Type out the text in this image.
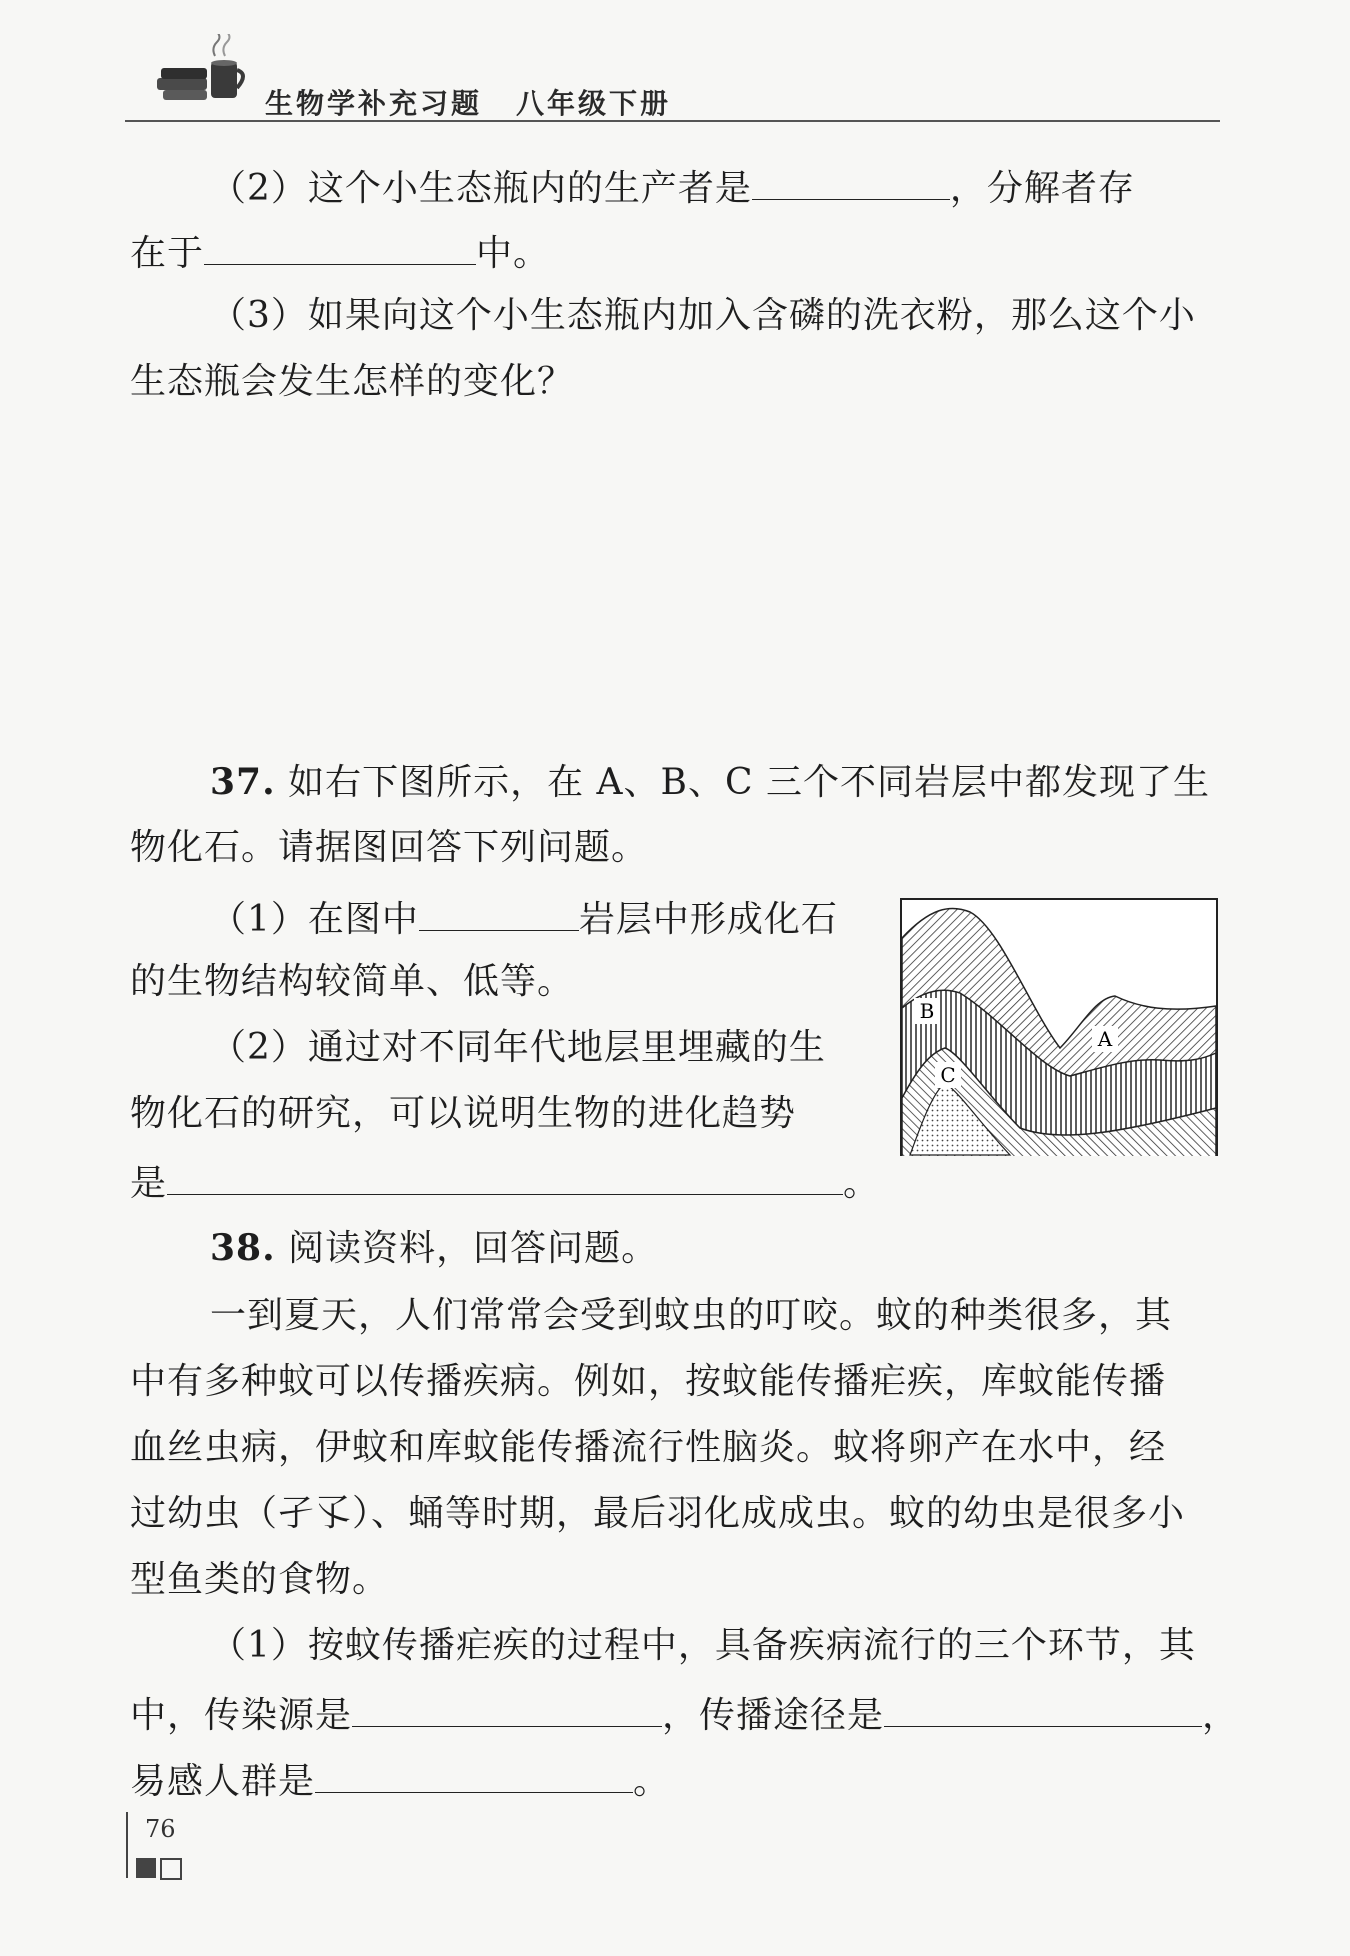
生物学补充习题 八年级下册
（2）这个小生态瓶内的生产者是	，分解者存
在于	中。
（3）如果向这个小生态瓶内加入含磷的洗衣粉，那么这个小
生态瓶会发生怎样的变化？
37. 如右下图所示，在 A、B、C 三个不同岩层中都发现了生
物化石。请据图回答下列问题。
（1）在图中	岩层中形成化石
的生物结构较简单、低等。
（2）通过对不同年代地层里埋藏的生
物化石的研究，可以说明生物的进化趋势
是	。
B
A
C
38. 阅读资料，回答问题。
一到夏天，人们常常会受到蚊虫的叮咬。蚊的种类很多，其
中有多种蚊可以传播疾病。例如，按蚊能传播疟疾，库蚊能传播
血丝虫病，伊蚊和库蚊能传播流行性脑炎。蚊将卵产在水中，经
过幼虫（孑孓）、蛹等时期，最后羽化成成虫。蚊的幼虫是很多小
型鱼类的食物。
（1）按蚊传播疟疾的过程中，具备疾病流行的三个环节，其
中，传染源是	，传播途径是	，
易感人群是	。
76
